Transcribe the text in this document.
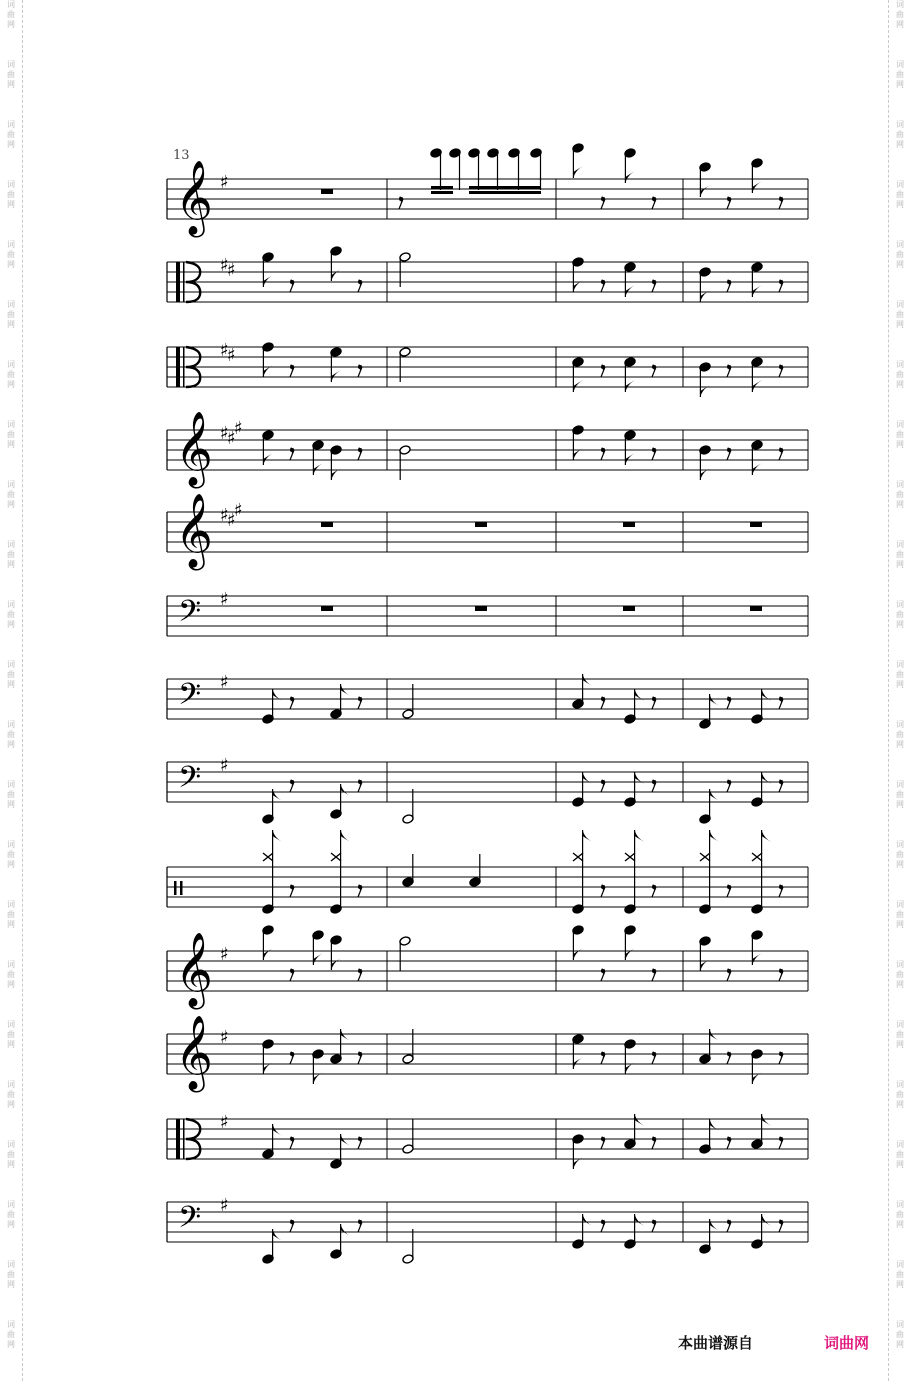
词
曲
网
词
曲
网
词
曲
网
词
曲
网
词
曲
网
词
曲
网
词
曲
网
词
曲
网
词
曲
网
词
曲
网
词
曲
网
词
曲
网
词
曲
网
词
曲
网
词
曲
网
词
曲
网
词
曲
网
词
曲
网
词
曲
网
词
曲
网
词
曲
网
词
曲
网
词
曲
网
词
曲
网
词
曲
网
词
曲
网
词
曲
网
词
曲
网
词
曲
网
词
曲
网
词
曲
网
词
曲
网
词
曲
网
词
曲
网
词
曲
网
词
曲
网
词
曲
网
词
曲
网
词
曲
网
词
曲
网
词
曲
网
词
曲
网
词
曲
网
词
曲
网
词
曲
网
词
曲
网
13
𝄞 ♯
♯
♯
♯
♯
𝄞 ♯
♯
♯
𝄞 ♯
♯
♯
𝄢 ♯
𝄢 ♯
𝄢 ♯
𝄞 ♯
𝄞 ♯
♯
𝄢 ♯
本曲谱源自	词曲网
